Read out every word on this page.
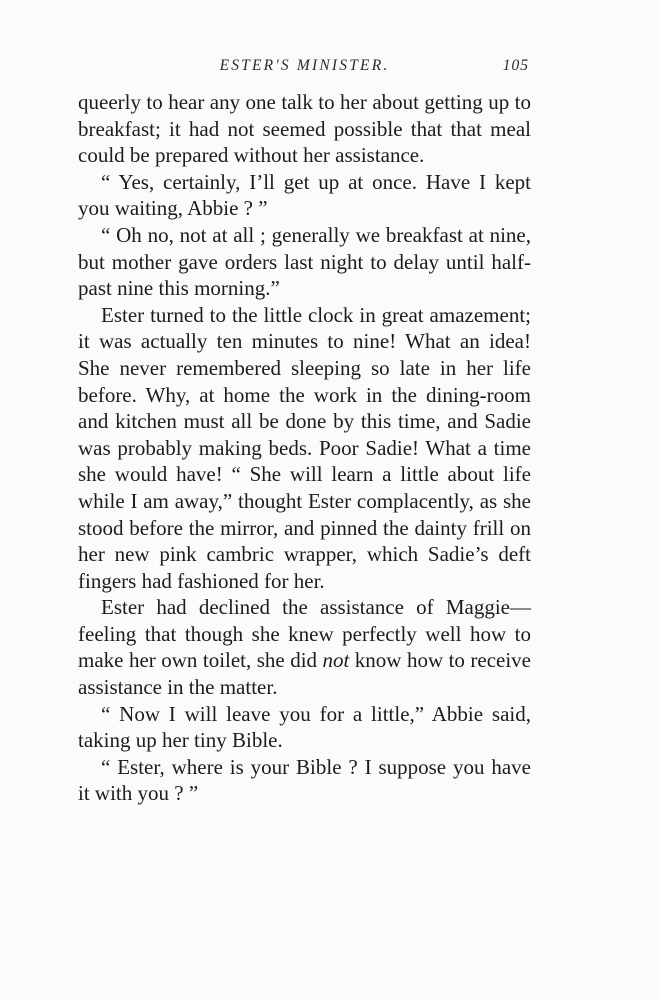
ESTER'S MINISTER.	105

queerly to hear any one talk to her about getting up to breakfast; it had not seemed possible that that meal could be prepared without her assistance.

“ Yes, certainly, I’ll get up at once. Have I kept you waiting, Abbie ? ”

“ Oh no, not at all ; generally we breakfast at nine, but mother gave orders last night to delay until half-past nine this morning.”

Ester turned to the little clock in great amazement; it was actually ten minutes to nine! What an idea! She never remembered sleeping so late in her life before. Why, at home the work in the dining-room and kitchen must all be done by this time, and Sadie was probably making beds. Poor Sadie! What a time she would have! “ She will learn a little about life while I am away,” thought Ester complacently, as she stood before the mirror, and pinned the dainty frill on her new pink cambric wrapper, which Sadie’s deft fingers had fashioned for her.

Ester had declined the assistance of Maggie—feeling that though she knew perfectly well how to make her own toilet, she did not know how to receive assistance in the matter.

“ Now I will leave you for a little,” Abbie said, taking up her tiny Bible.

“ Ester, where is your Bible ? I suppose you have it with you ? ”
